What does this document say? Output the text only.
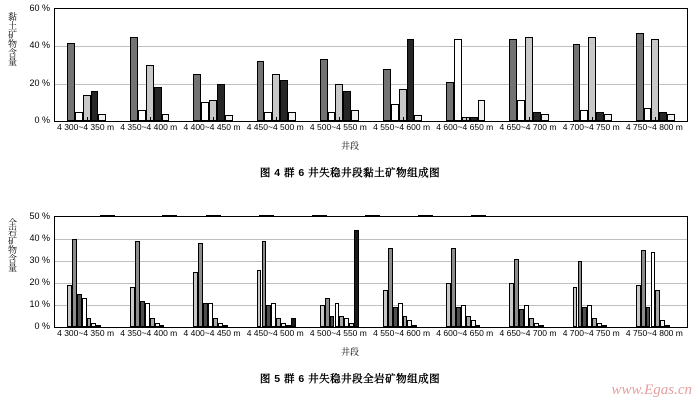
黏土矿物含量
60 %
40 %
20 %
0 %
4 300~4 350 m 4 350~4 400 m 4 400~4 450 m 4 450~4 500 m 4 500~4 550 m 4 550~4 600 m 4 600~4 650 m 4 650~4 700 m 4 700~4 750 m 4 750~4 800 m
井段
图 4 群 6 井失稳井段黏土矿物组成图
全岩矿物含量
50 %
40 %
30 %
20 %
10 %
0 %
4 300~4 350 m 4 350~4 400 m 4 400~4 450 m 4 450~4 500 m 4 500~4 550 m 4 550~4 600 m 4 600~4 650 m 4 650~4 700 m 4 700~4 750 m 4 750~4 800 m
井段
图 5 群 6 井失稳井段全岩矿物组成图
www.Egas.cn
